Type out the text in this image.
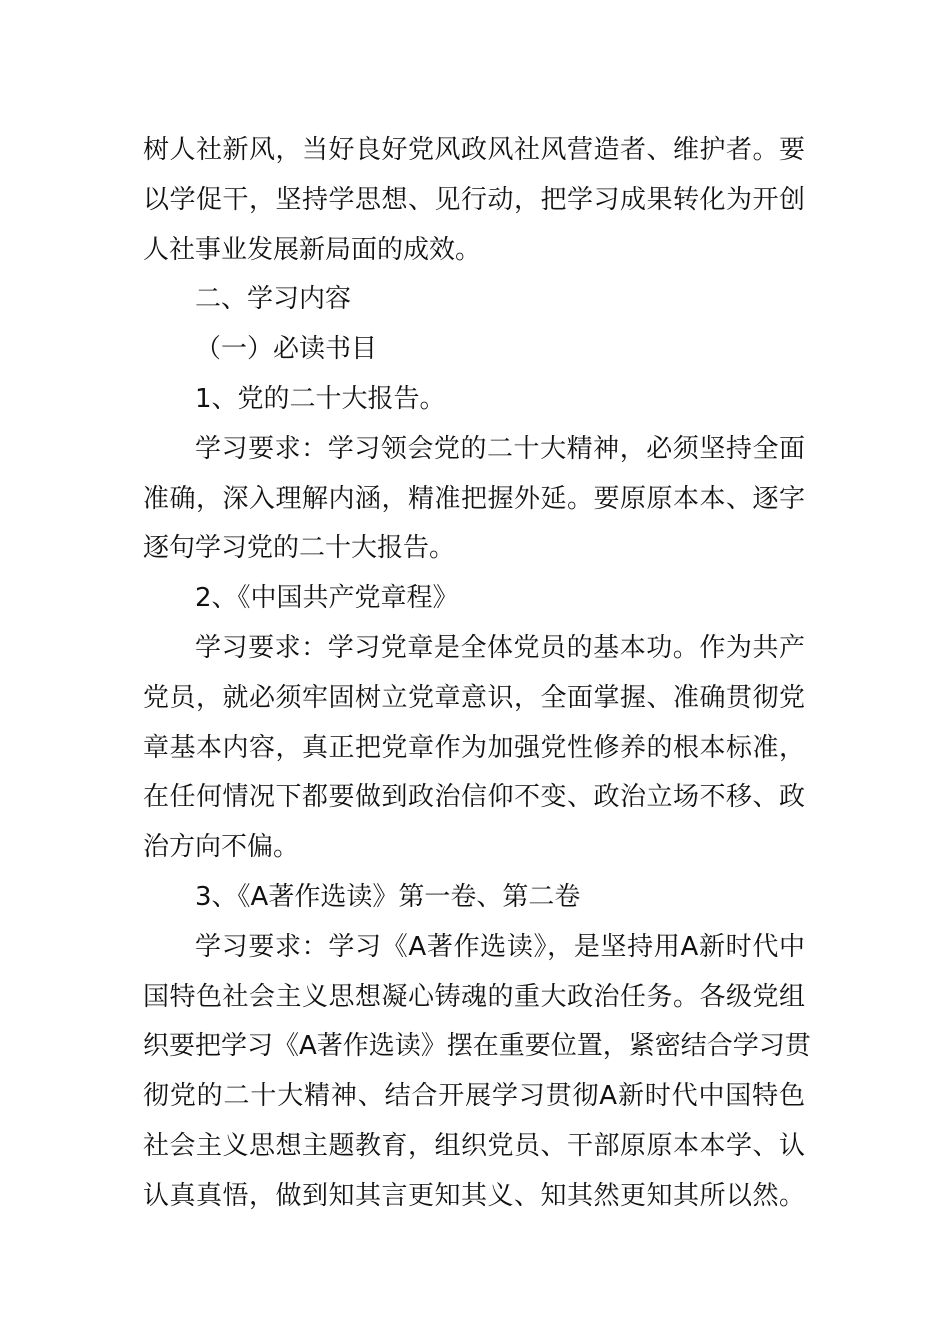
树人社新风，当好良好党风政风社风营造者、维护者。要
以学促干，坚持学思想、见行动，把学习成果转化为开创
人社事业发展新局面的成效。
二、学习内容
（一）必读书目
1、党的二十大报告。
学习要求：学习领会党的二十大精神，必须坚持全面
准确，深入理解内涵，精准把握外延。要原原本本、逐字
逐句学习党的二十大报告。
2、《中国共产党章程》
学习要求：学习党章是全体党员的基本功。作为共产
党员，就必须牢固树立党章意识，全面掌握、准确贯彻党
章基本内容，真正把党章作为加强党性修养的根本标准，
在任何情况下都要做到政治信仰不变、政治立场不移、政
治方向不偏。
3、《A著作选读》第一卷、第二卷
学习要求：学习《A著作选读》，是坚持用A新时代中
国特色社会主义思想凝心铸魂的重大政治任务。各级党组
织要把学习《A著作选读》摆在重要位置，紧密结合学习贯
彻党的二十大精神、结合开展学习贯彻A新时代中国特色
社会主义思想主题教育，组织党员、干部原原本本学、认
认真真悟，做到知其言更知其义、知其然更知其所以然。
